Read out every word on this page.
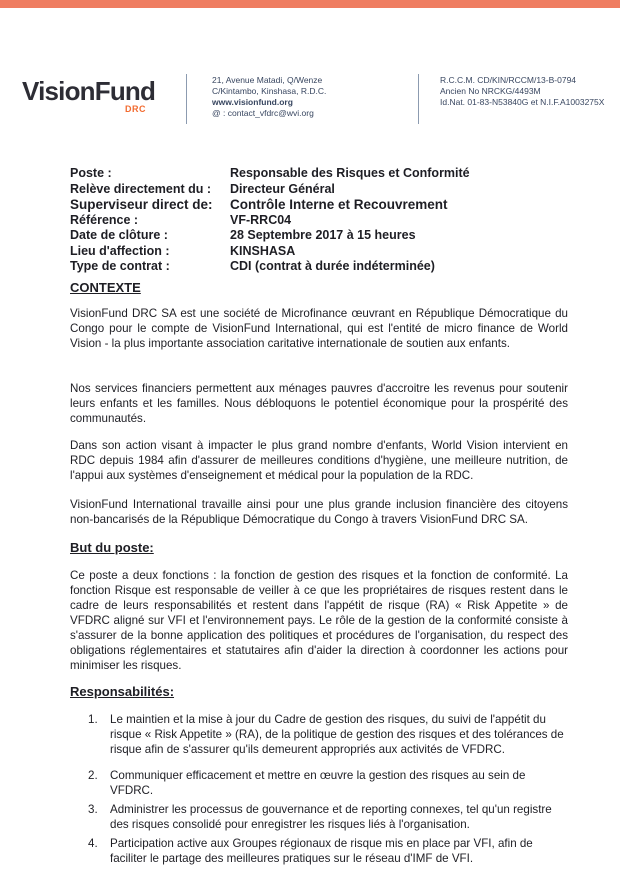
VisionFund
DRC
21, Avenue Matadi, Q/Wenze
C/Kintambo, Kinshasa, R.D.C.
www.visionfund.org
@ : contact_vfdrc@wvi.org
R.C.C.M. CD/KIN/RCCM/13-B-0794
Ancien No NRCKG/4493M
Id.Nat. 01-83-N53840G et N.I.F.A1003275X
Poste :	Responsable des Risques et Conformité
Relève directement du :	Directeur Général
Superviseur direct de:	Contrôle Interne et Recouvrement
Référence :	VF-RRC04
Date de clôture :	28 Septembre 2017 à 15 heures
Lieu d'affection :	KINSHASA
Type de contrat :	CDI (contrat à durée indéterminée)
CONTEXTE
VisionFund DRC SA est une société de Microfinance œuvrant en République Démocratique du Congo pour le compte de VisionFund International, qui est l'entité de micro finance de World Vision - la plus importante association caritative internationale de soutien aux enfants.
Nos services financiers permettent aux ménages pauvres d'accroitre les revenus pour soutenir leurs enfants et les familles. Nous débloquons le potentiel économique pour la prospérité des communautés.
Dans son action visant à impacter le plus grand nombre d'enfants, World Vision intervient en RDC depuis 1984 afin d'assurer de meilleures conditions d'hygiène, une meilleure nutrition, de l'appui aux systèmes d'enseignement et médical pour la population de la RDC.
VisionFund International travaille ainsi pour une plus grande inclusion financière des citoyens non-bancarisés de la République Démocratique du Congo à travers VisionFund DRC SA.
But du poste:
Ce poste a deux fonctions : la fonction de gestion des risques et la fonction de conformité. La fonction Risque est responsable de veiller à ce que les propriétaires de risques restent dans le cadre de leurs responsabilités et restent dans l'appétit de risque (RA) « Risk Appetite » de VFDRC aligné sur VFI et l'environnement pays. Le rôle de la gestion de la conformité consiste à s'assurer de la bonne application des politiques et procédures de l'organisation, du respect des obligations réglementaires et statutaires afin d'aider la direction à coordonner les actions pour minimiser les risques.
Responsabilités:
1.	Le maintien et la mise à jour du Cadre de gestion des risques, du suivi de l'appétit du risque « Risk Appetite » (RA), de la politique de gestion des risques et des tolérances de risque afin de s'assurer qu'ils demeurent appropriés aux activités de VFDRC.
2.	Communiquer efficacement et mettre en œuvre la gestion des risques au sein de VFDRC.
3.	Administrer les processus de gouvernance et de reporting connexes, tel qu'un registre des risques consolidé pour enregistrer les risques liés à l'organisation.
4.	Participation active aux Groupes régionaux de risque mis en place par VFI, afin de faciliter le partage des meilleures pratiques sur le réseau d'IMF de VFI.
